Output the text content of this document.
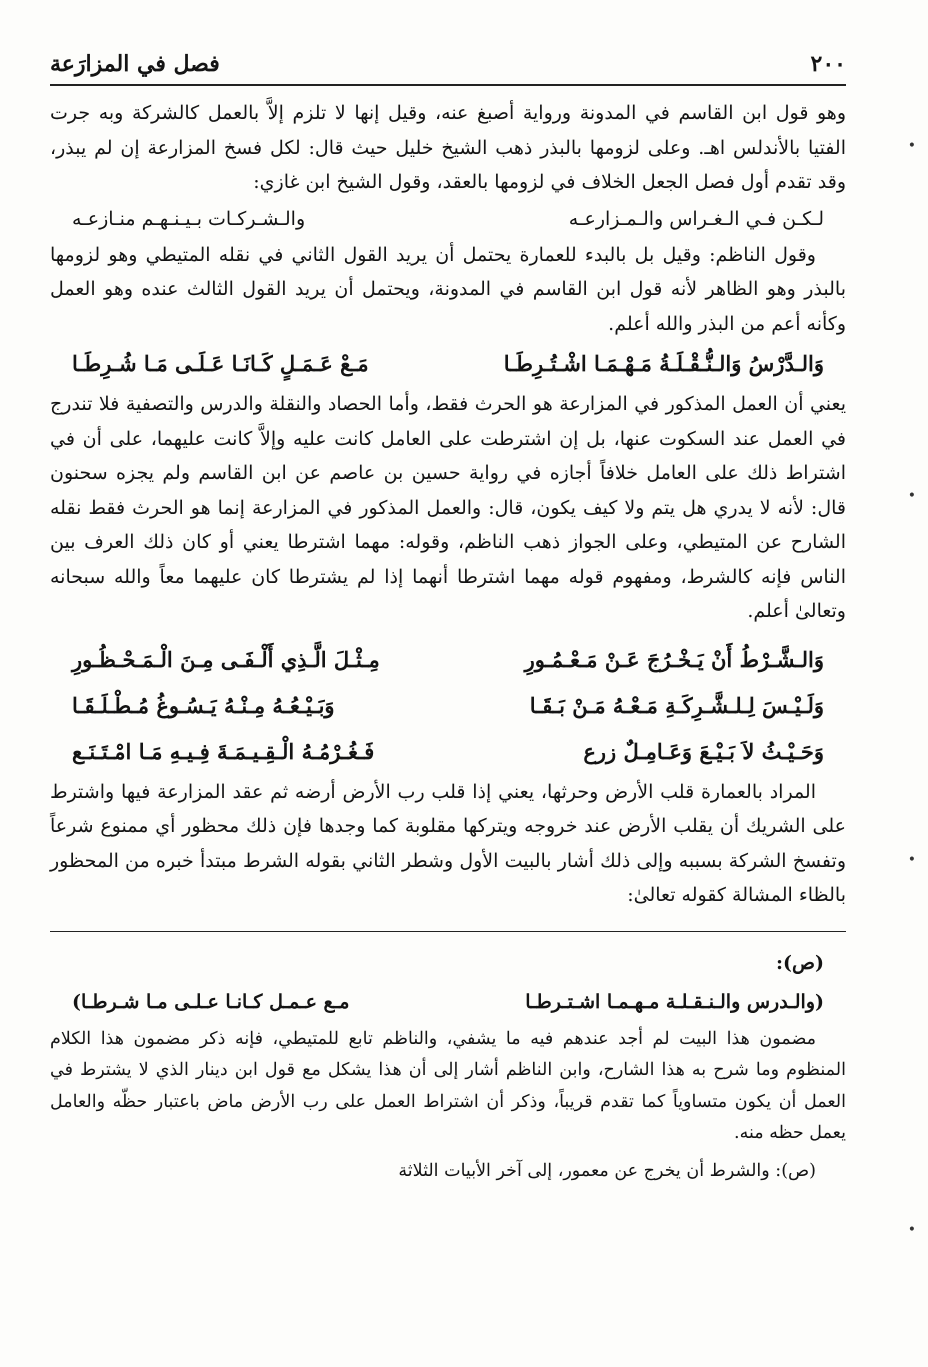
٢٠٠
فصل في المزارَعة

وهو قول ابن القاسم في المدونة ورواية أصبغ عنه، وقيل إنها لا تلزم إلاَّ بالعمل كالشركة وبه جرت الفتيا بالأندلس اهـ. وعلى لزومها بالبذر ذهب الشيخ خليل حيث قال: لكل فسخ المزارعة إن لم يبذر، وقد تقدم أول فصل الجعل الخلاف في لزومها بالعقد، وقول الشيخ ابن غازي:

لـكـن فـي الـغـراس والـمـزارعـه
والـشـركـات بـيـنـهـم منـازعـه

وقول الناظم: وقيل بل بالبدء للعمارة يحتمل أن يريد القول الثاني في نقله المتيطي وهو لزومها بالبذر وهو الظاهر لأنه قول ابن القاسم في المدونة، ويحتمل أن يريد القول الثالث عنده وهو العمل وكأنه أعم من البذر والله أعلم.

وَالـدَّرْسُ وَالـنُّـقْـلَـةُ مَـهْـمَـا اشْـتُـرِطَـا
مَـعْ عَـمَـلٍ كَـانَـا عَـلَـى مَـا شُـرِطَـا

يعني أن العمل المذكور في المزارعة هو الحرث فقط، وأما الحصاد والنقلة والدرس والتصفية فلا تندرج في العمل عند السكوت عنها، بل إن اشترطت على العامل كانت عليه وإلاَّ كانت عليهما، على أن في اشتراط ذلك على العامل خلافاً أجازه في رواية حسين بن عاصم عن ابن القاسم ولم يجزه سحنون قال: لأنه لا يدري هل يتم ولا كيف يكون، قال: والعمل المذكور في المزارعة إنما هو الحرث فقط نقله الشارح عن المتيطي، وعلى الجواز ذهب الناظم، وقوله: مهما اشترطا يعني أو كان ذلك العرف بين الناس فإنه كالشرط، ومفهوم قوله مهما اشترطا أنهما إذا لم يشترطا كان عليهما معاً والله سبحانه وتعالىٰ أعلم.

وَالـشَّـرْطُ أَنْ يَـخْـرُجَ عَـنْ مَـعْـمُـورِ
مِـثْـلَ الَّـذِي أَلْـفَـى مِـنَ الْـمَـحْـظُـورِ
وَلَـيْـسَ لِـلـشَّـرِكَـةِ مَـعْـهُ مَـنْ بَـقَـا
وَبَـيْـعُـهُ مِـنْـهُ يَـسُـوغُ مُـطْـلَـقَـا
وَحَـيْـثُ لاَ بَـيْـعَ وَعَـامِـلٌ زرع
فَـغُـرْمُـهُ الْـقِـيـمَـةَ فِـيـهِ مَـا امْـتَـنَـع

المراد بالعمارة قلب الأرض وحرثها، يعني إذا قلب رب الأرض أرضه ثم عقد المزارعة فيها واشترط على الشريك أن يقلب الأرض عند خروجه ويتركها مقلوبة كما وجدها فإن ذلك محظور أي ممنوع شرعاً وتفسخ الشركة بسببه وإلى ذلك أشار بالبيت الأول وشطر الثاني بقوله الشرط مبتدأ خبره من المحظور بالظاء المشالة كقوله تعالىٰ:

(ص):

(والـدرس والـنـقـلـة مـهـمـا اشـتـرطـا
مـع عـمـل كـانـا عـلـى مـا شـرطـا)

مضمون هذا البيت لم أجد عندهم فيه ما يشفي، والناظم تابع للمتيطي، فإنه ذكر مضمون هذا الكلام المنظوم وما شرح به هذا الشارح، وابن الناظم أشار إلى أن هذا يشكل مع قول ابن دينار الذي لا يشترط في العمل أن يكون متساوياً كما تقدم قريباً، وذكر أن اشتراط العمل على رب الأرض ماض باعتبار حظّه والعامل يعمل حظه منه.

(ص): والشرط أن يخرج عن معمور، إلى آخر الأبيات الثلاثة

•
•
•
•
